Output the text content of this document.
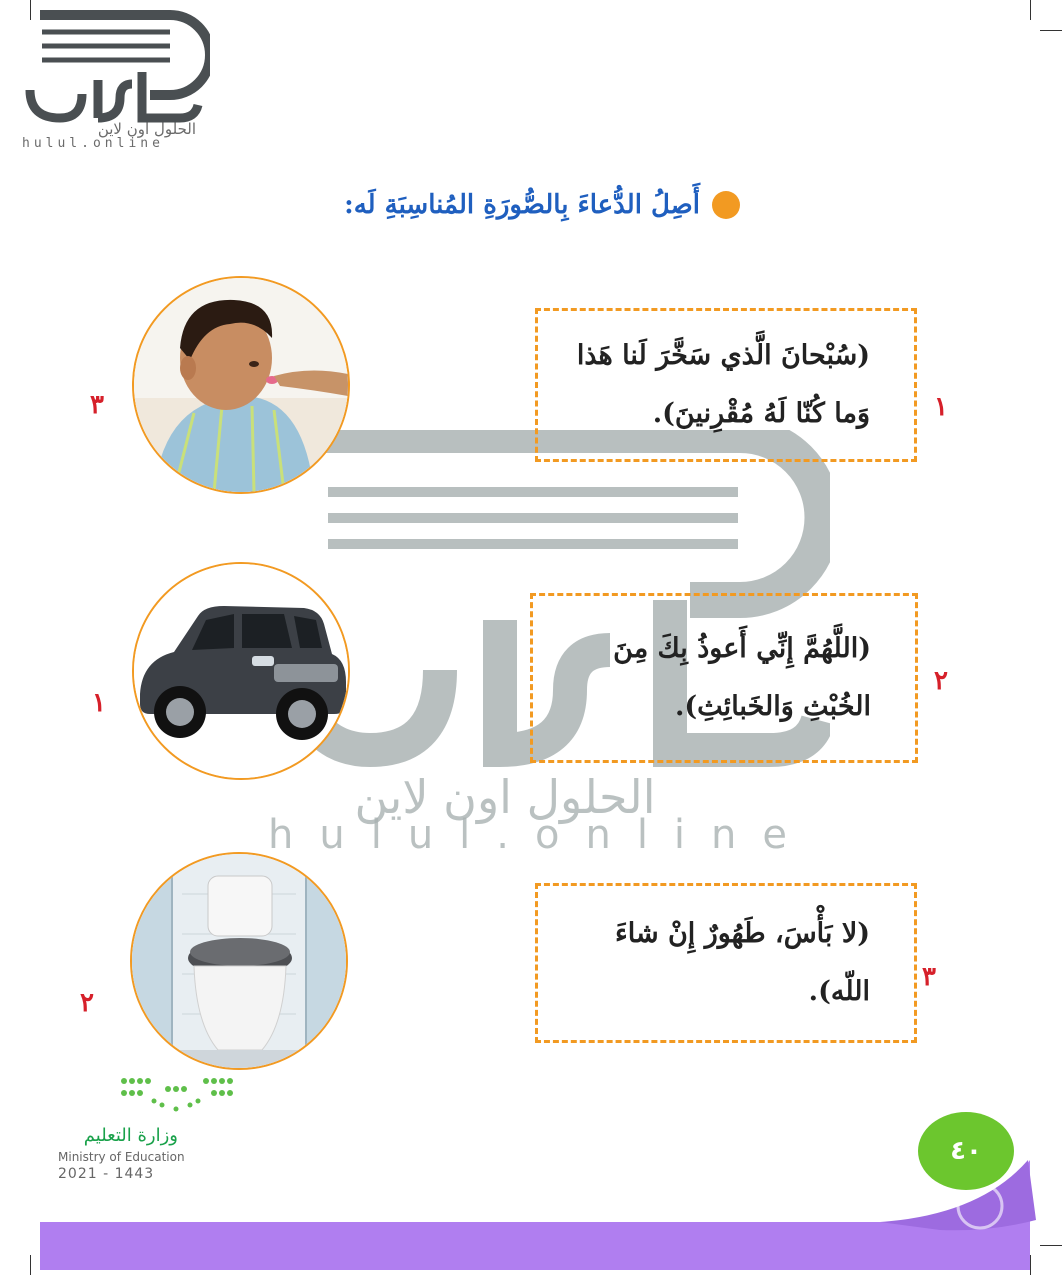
الحلول اون لاين
hulul.online
أَصِلُ الدُّعاءَ بِالصُّورَةِ المُناسِبَةِ لَه:
٣
١
٢
(سُبْحانَ الَّذي سَخَّرَ لَنا هَذا وَما كُنّا لَهُ مُقْرِنينَ).
(اللَّهُمَّ إِنِّي أَعوذُ بِكَ مِنَ الخُبْثِ وَالخَبائِثِ).
(لا بَأْسَ، طَهُورٌ إِنْ شاءَ اللّه).
١
٢
٣
الحلول اون لاين
hulul.online
وزارة التعليم
Ministry of Education
2021 - 1443
٤٠
